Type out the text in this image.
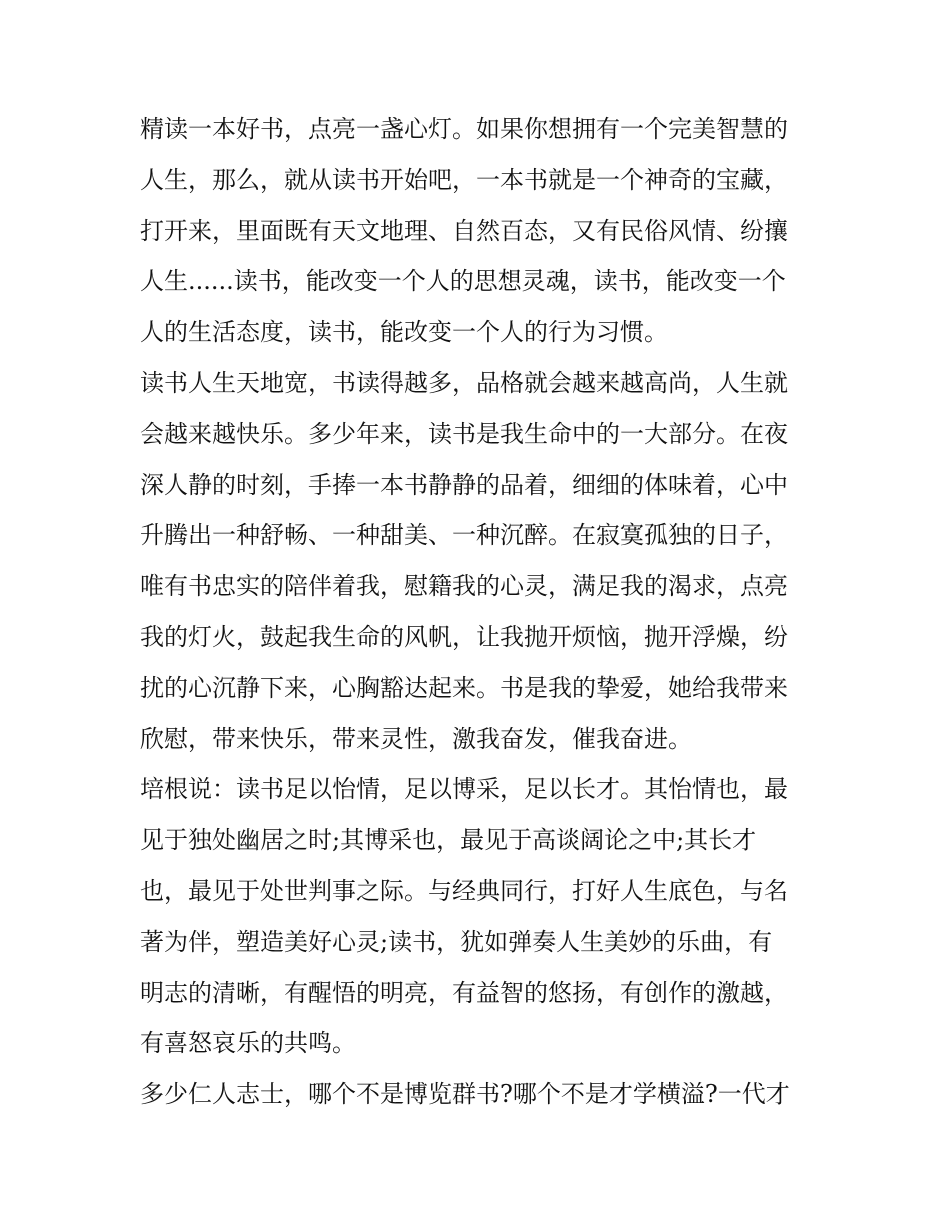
精读一本好书，点亮一盏心灯。如果你想拥有一个完美智慧的
人生，那么，就从读书开始吧，一本书就是一个神奇的宝藏，
打开来，里面既有天文地理、自然百态，又有民俗风情、纷攘
人生......读书，能改变一个人的思想灵魂，读书，能改变一个
人的生活态度，读书，能改变一个人的行为习惯。
读书人生天地宽，书读得越多，品格就会越来越高尚，人生就
会越来越快乐。多少年来，读书是我生命中的一大部分。在夜
深人静的时刻，手捧一本书静静的品着，细细的体味着，心中
升腾出一种舒畅、一种甜美、一种沉醉。在寂寞孤独的日子，
唯有书忠实的陪伴着我，慰籍我的心灵，满足我的渴求，点亮
我的灯火，鼓起我生命的风帆，让我抛开烦恼，抛开浮燥，纷
扰的心沉静下来，心胸豁达起来。书是我的挚爱，她给我带来
欣慰，带来快乐，带来灵性，激我奋发，催我奋进。
培根说：读书足以怡情，足以博采，足以长才。其怡情也，最
见于独处幽居之时;其博采也，最见于高谈阔论之中;其长才
也，最见于处世判事之际。与经典同行，打好人生底色，与名
著为伴，塑造美好心灵;读书，犹如弹奏人生美妙的乐曲，有
明志的清晰，有醒悟的明亮，有益智的悠扬，有创作的激越，
有喜怒哀乐的共鸣。
多少仁人志士，哪个不是博览群书?哪个不是才学横溢?一代才
